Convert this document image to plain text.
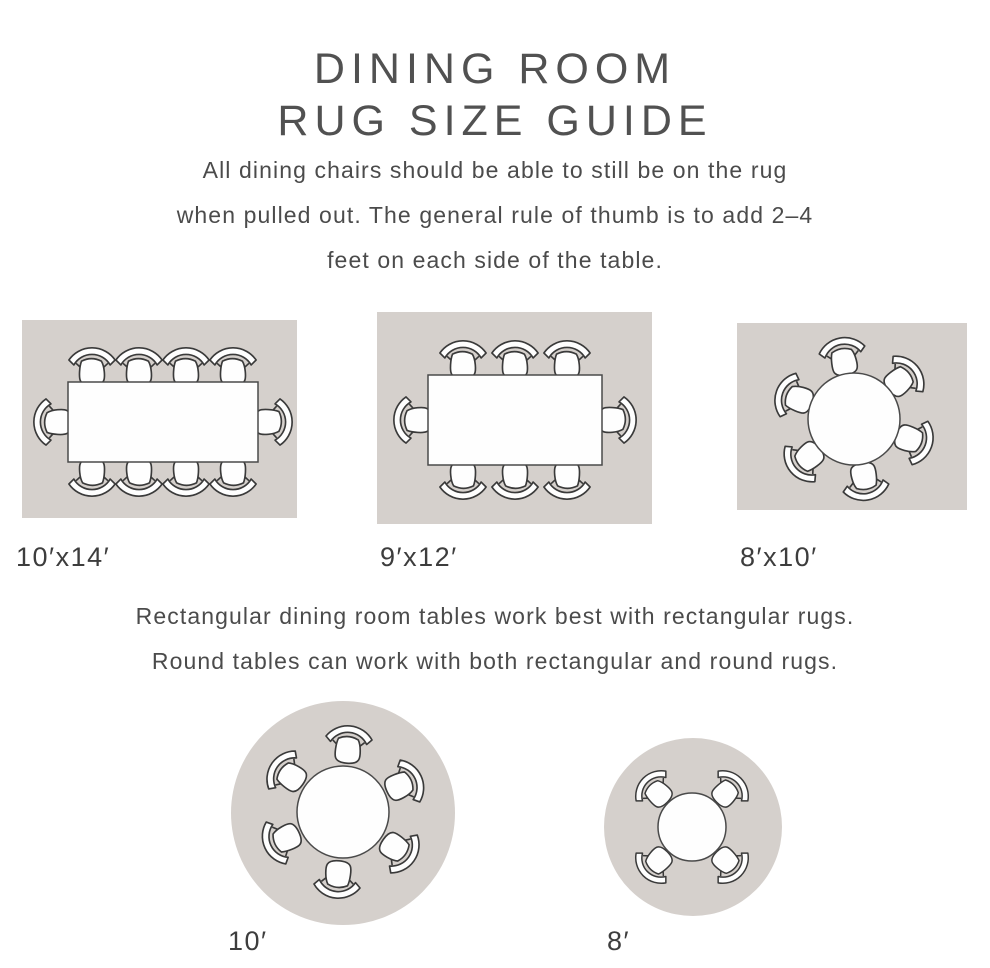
DINING ROOM
RUG SIZE GUIDE
All dining chairs should be able to still be on the rug
when pulled out. The general rule of thumb is to add 2–4
feet on each side of the table.
10′x14′	9′x12′	8′x10′
Rectangular dining room tables work best with rectangular rugs.
Round tables can work with both rectangular and round rugs.
10′	8′
